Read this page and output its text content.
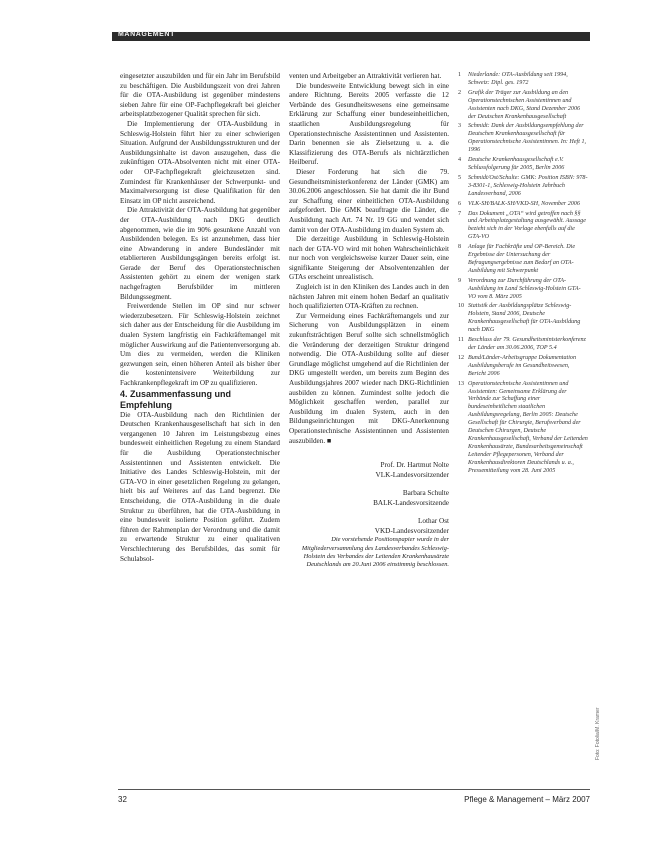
MANAGEMENT

eingesetzter auszubilden und für ein Jahr im Berufsbild zu beschäftigen. Die Ausbildungszeit von drei Jahren für die OTA-Ausbildung ist gegenüber mindestens sieben Jahre für eine OP-Fachpflegekraft bei gleicher arbeitsplatzbezogener Qualität sprechen für sich.

Die Implementierung der OTA-Ausbildung in Schleswig-Holstein führt hier zu einer schwierigen Situation. Aufgrund der Ausbildungsstrukturen und der Ausbildungsinhalte ist davon auszugehen, dass die zukünftigen OTA-Absolventen nicht mit einer OTA- oder OP-Fachpflegekraft gleichzusetzen sind. Zumindest für Krankenhäuser der Schwerpunkt- und Maximalversorgung ist diese Qualifikation für den Einsatz im OP nicht ausreichend.

Die Attraktivität der OTA-Ausbildung hat gegenüber der OTA-Ausbildung nach DKG deutlich abgenommen, wie die im 90% gesunkene Anzahl von Ausbildenden belegen. Es ist anzunehmen, dass hier eine Abwanderung in andere Bundesländer mit etablierteren Ausbildungsgängen bereits erfolgt ist. Gerade der Beruf des Operationstechnischen Assistenten gehört zu einem der wenigen stark nachgefragten Berufsbilder im mittleren Bildungssegment.

Freiwerdende Stellen im OP sind nur schwer wiederzubesetzen. Für Schleswig-Holstein zeichnet sich daher aus der Entscheidung für die Ausbildung im dualen System langfristig ein Fachkräftemangel mit möglicher Auswirkung auf die Patientenversorgung ab. Um dies zu vermeiden, werden die Kliniken gezwungen sein, einen höheren Anteil als bisher über die kostenintensivere Weiterbildung zur Fachkrankenpflegekraft im OP zu qualifizieren.

4. Zusammenfassung und Empfehlung

Die OTA-Ausbildung nach den Richtlinien der Deutschen Krankenhausgesellschaft hat sich in den vergangenen 10 Jahren im Leistungsbezug eines bundesweit einheitlichen Regelung zu einem Standard für die Ausbildung Operationstechnischer Assistentinnen und Assistenten entwickelt. Die Initiative des Landes Schleswig-Holstein, mit der GTA-VO in einer gesetzlichen Regelung zu gelangen, hielt bis auf Weiteres auf das Land begrenzt. Die Entscheidung, die OTA-Ausbildung in die duale Struktur zu überführen, hat die OTA-Ausbildung in eine bundesweit isolierte Position geführt. Zudem führen der Rahmenplan der Verordnung und die damit zu erwartende Struktur zu einer qualitativen Verschlechterung des Berufsbildes, das somit für Schulabsol-

venten und Arbeitgeber an Attraktivität verlieren hat.

Die bundesweite Entwicklung bewegt sich in eine andere Richtung. Bereits 2005 verfasste die 12 Verbände des Gesundheitswesens eine gemeinsame Erklärung zur Schaffung einer bundeseinheitlichen, staatlichen Ausbildungsregelung für Operationstechnische Assistentinnen und Assistenten. Darin benennen sie als Zielsetzung u. a. die Klassifizierung des OTA-Berufs als nichtärztlichen Heilberuf.

Dieser Forderung hat sich die 79. Gesundheitsministerkonferenz der Länder (GMK) am 30.06.2006 angeschlossen. Sie hat damit die ihr Bund zur Schaffung einer einheitlichen OTA-Ausbildung aufgefordert. Die GMK beauftragte die Länder, die Ausbildung nach Art. 74 Nr. 19 GG und wendet sich damit von der OTA-Ausbildung im dualen System ab.

Die derzeitige Ausbildung in Schleswig-Holstein nach der GTA-VO wird mit hohen Wahrscheinlichkeit nur noch von vergleichsweise kurzer Dauer sein, eine signifikante Steigerung der Absolventenzahlen der GTAs erscheint unrealistisch.

Zugleich ist in den Kliniken des Landes auch in den nächsten Jahren mit einem hohen Bedarf an qualitativ hoch qualifizierten OTA-Kräften zu rechnen.

Zur Vermeidung eines Fachkräftemangels und zur Sicherung von Ausbildungsplätzen in einem zukunftsträchtigen Beruf sollte sich schnellstmöglich die Veränderung der derzeitigen Struktur dringend notwendig. Die OTA-Ausbildung sollte auf dieser Grundlage möglichst umgehend auf die Richtlinien der DKG umgestellt werden, um bereits zum Beginn des Ausbildungsjahres 2007 wieder nach DKG-Richtlinien ausbilden zu können. Zumindest sollte jedoch die Möglichkeit geschaffen werden, parallel zur Ausbildung im dualen System, auch in den Bildungseinrichtungen mit DKG-Anerkennung Operationstechnische Assistentinnen und Assistenten auszubilden. ■

Prof. Dr. Hartmut Nolte
VLK-Landesvorsitzender
Barbara Schulte
BALK-Landesvorsitzende
Lothar Ost
VKD-Landesvorsitzender

Die vorstehende Positionspapier wurde in der Mitgliederversammlung des Landesverbandes Schleswig-Holstein des Verbandes der Leitenden Krankenhausärzte Deutschlands am 20.Juni 2006 einstimmig beschlossen.

1	Niederlande: OTA-Ausbildung seit 1994, Schweiz: Dipl. ges. 1972
2	Grafik der Träger zur Ausbildung an den Operationstechnischen Assistentinnen und Assistenten nach DKG, Stand Dezember 2006 der Deutschen Krankenhausgesellschaft
3	Schmidt: Dank der Ausbildungsempfehlung der Deutschen Krankenhausgesellschaft für Operationstechnische Assistentinnen. In: Heft 1, 1996
4	Deutsche Krankenhausgesellschaft e.V. Schlussfolgerung für 2005, Berlin 2006
5	Schmidt/Ost/Schulte: GMK: Position ISBN: 978-3-8301-1, Schleswig-Holstein Jahrbuch Landesverband, 2006
6	VLK-SH/BALK-SH/VKD-SH, November 2006
7	Das Dokument „OTA“ wird getroffen nach §§ und Arbeitsplatzgestaltung ausgewählt. Aussage bezieht sich in der Vorlage ebenfalls auf die GTA-VO
8	Anlage für Fachkräfte und OP-Bereich. Die Ergebnisse der Untersuchung der Befragungsergebnisse zum Bedarf an OTA-Ausbildung mit Schwerpunkt
9	Verordnung zur Durchführung der OTA-Ausbildung im Land Schleswig-Holstein GTA-VO vom 8. März 2005
10 Statistik der Ausbildungsplätze Schleswig-Holstein, Stand 2006, Deutsche Krankenhausgesellschaft für OTA-Ausbildung nach DKG
11 Beschluss der 79. Gesundheitsministerkonferenz der Länder am 30.06.2006, TOP 5.4
12 Bund/Länder-Arbeitsgruppe Dokumentation Ausbildungsberufe im Gesundheitswesen, Bericht 2006
13 Operationstechnische Assistentinnen und Assistenten: Gemeinsame Erklärung der Verbände zur Schaffung einer bundeseinheitlichen staatlichen Ausbildungsregelung, Berlin 2005: Deutsche Gesellschaft für Chirurgie, Berufsverband der Deutschen Chirurgen, Deutsche Krankenhausgesellschaft, Verband der Leitenden Krankenhausärzte, Bundesarbeitsgemeinschaft Leitender Pflegepersonen, Verband der Krankenhausdirektoren Deutschlands u. a., Pressemitteilung vom 28. Juni 2005
Foto: Fotolia/M. Kramer
32	Pflege & Management – März 2007
